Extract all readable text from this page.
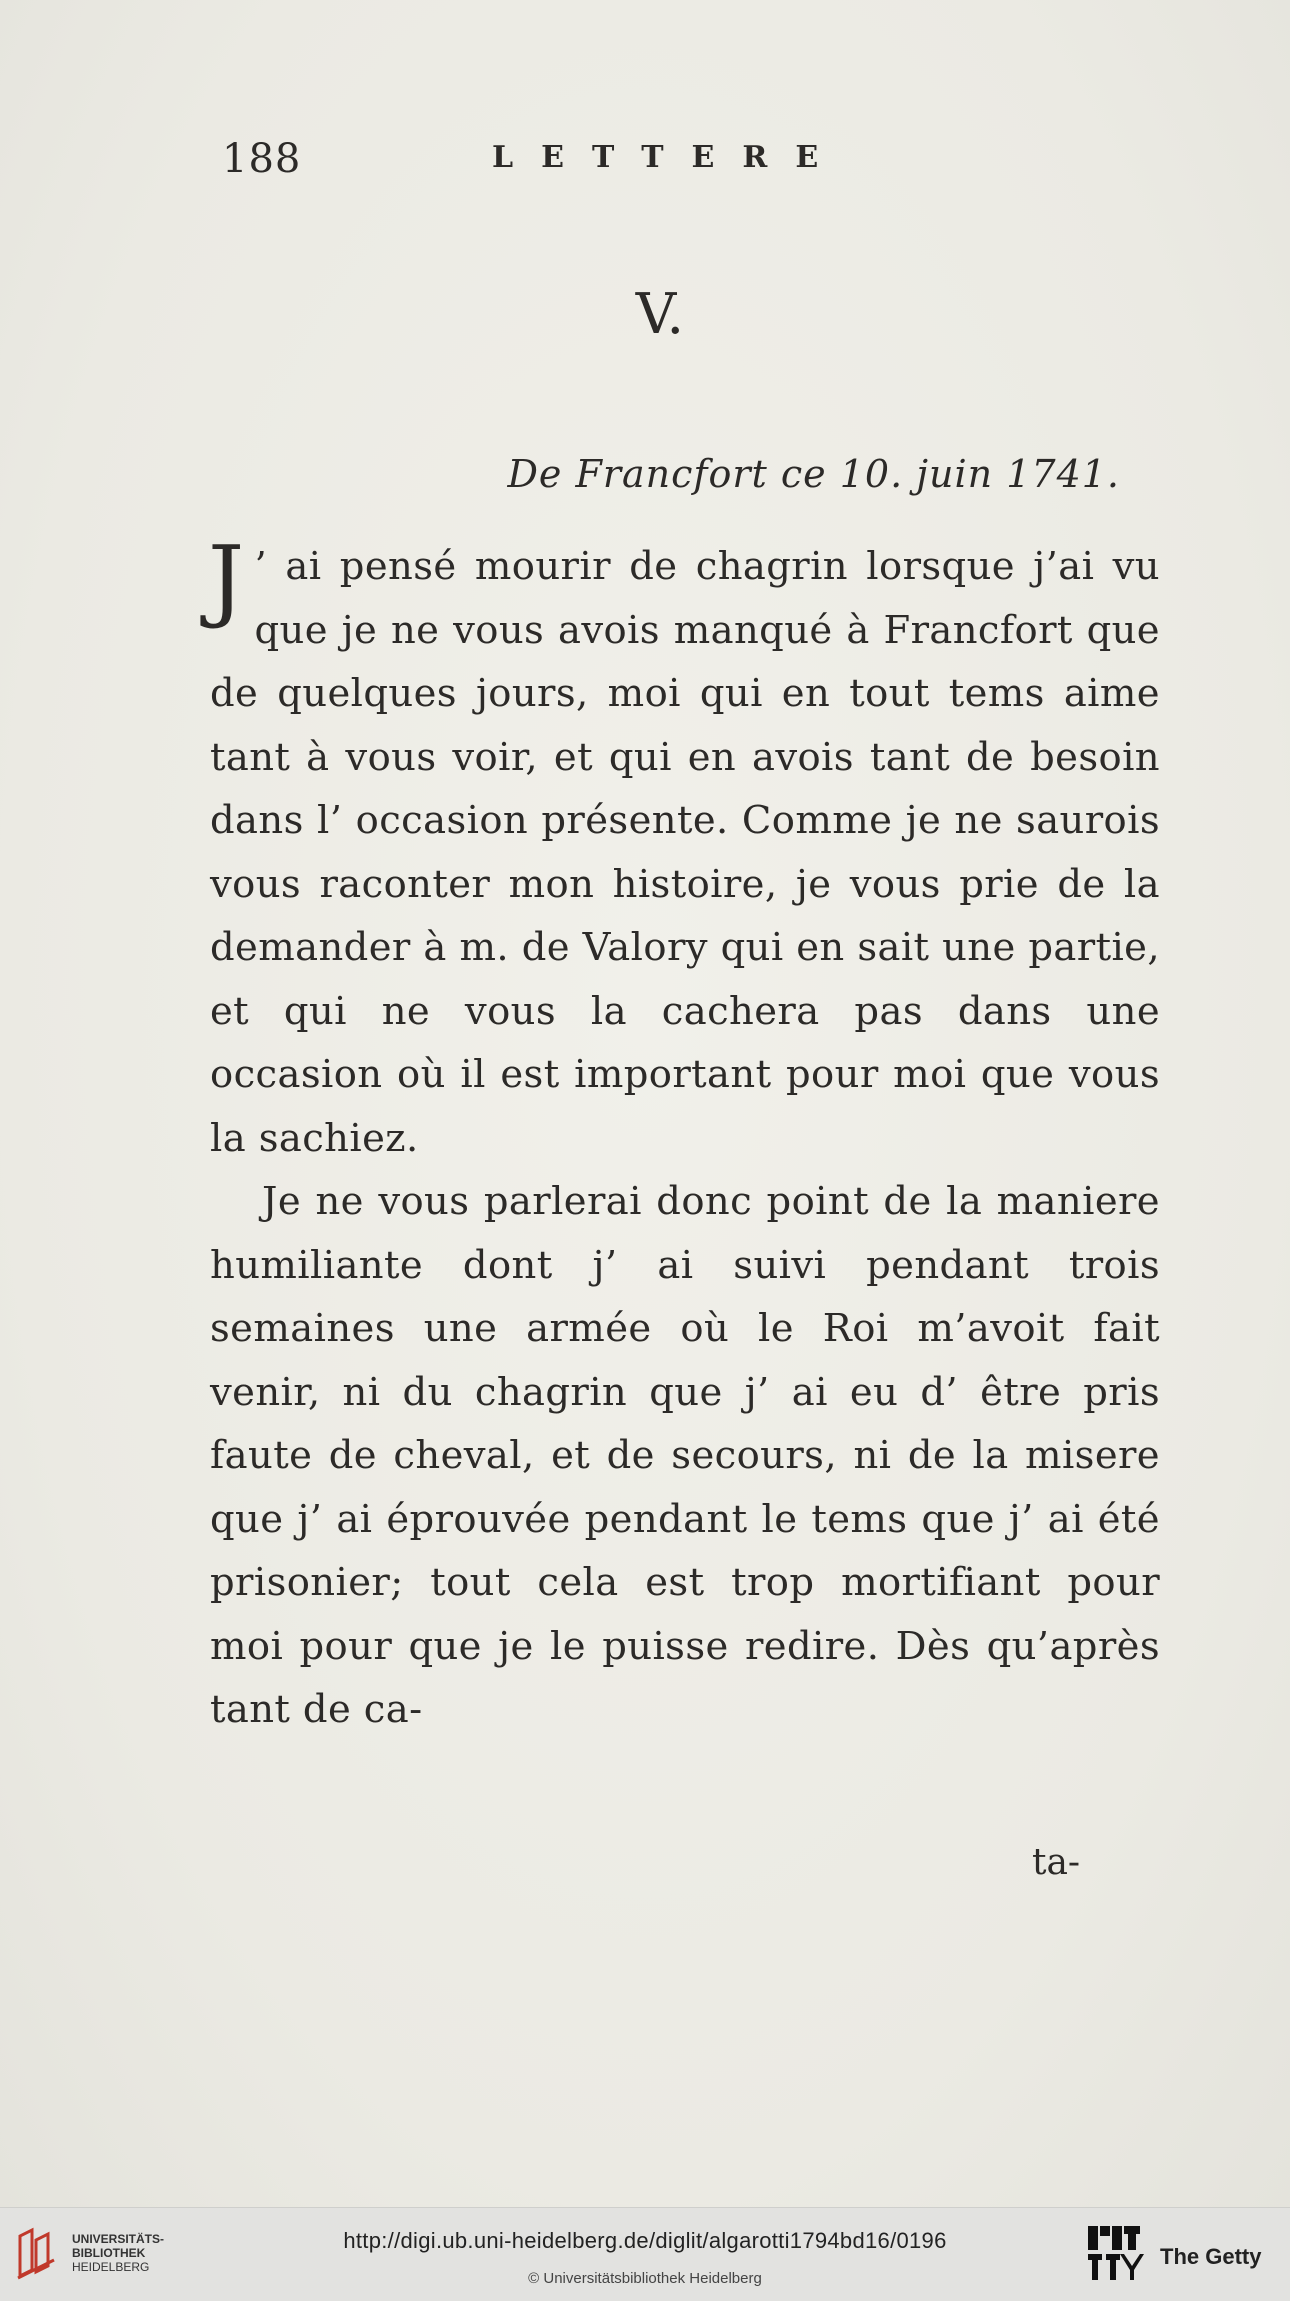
188	LETTERE
V.
De Francfort ce 10. juin 1741.

J ’ ai pensé mourir de chagrin lorsque j’ai vu que je ne vous avois manqué à Francfort que de quelques jours, moi qui en tout tems aime tant à vous voir, et qui en avois tant de besoin dans l’ occasion présente. Comme je ne saurois vous raconter mon histoire, je vous prie de la demander à m. de Valory qui en sait une partie, et qui ne vous la cachera pas dans une occasion où il est important pour moi que vous la sachiez.

Je ne vous parlerai donc point de la maniere humiliante dont j’ ai suivi pendant trois semaines une armée où le Roi m’avoit fait venir, ni du chagrin que j’ ai eu d’ être pris faute de cheval, et de secours, ni de la misere que j’ ai éprouvée pendant le tems que j’ ai été prisonier; tout cela est trop mortifiant pour moi pour que je le puisse redire. Dès qu’après tant de ca-

ta-
UNIVERSITÄTS-
BIBLIOTHEK
HEIDELBERG
http://digi.ub.uni-heidelberg.de/diglit/algarotti1794bd16/0196
© Universitätsbibliothek Heidelberg
The Getty
